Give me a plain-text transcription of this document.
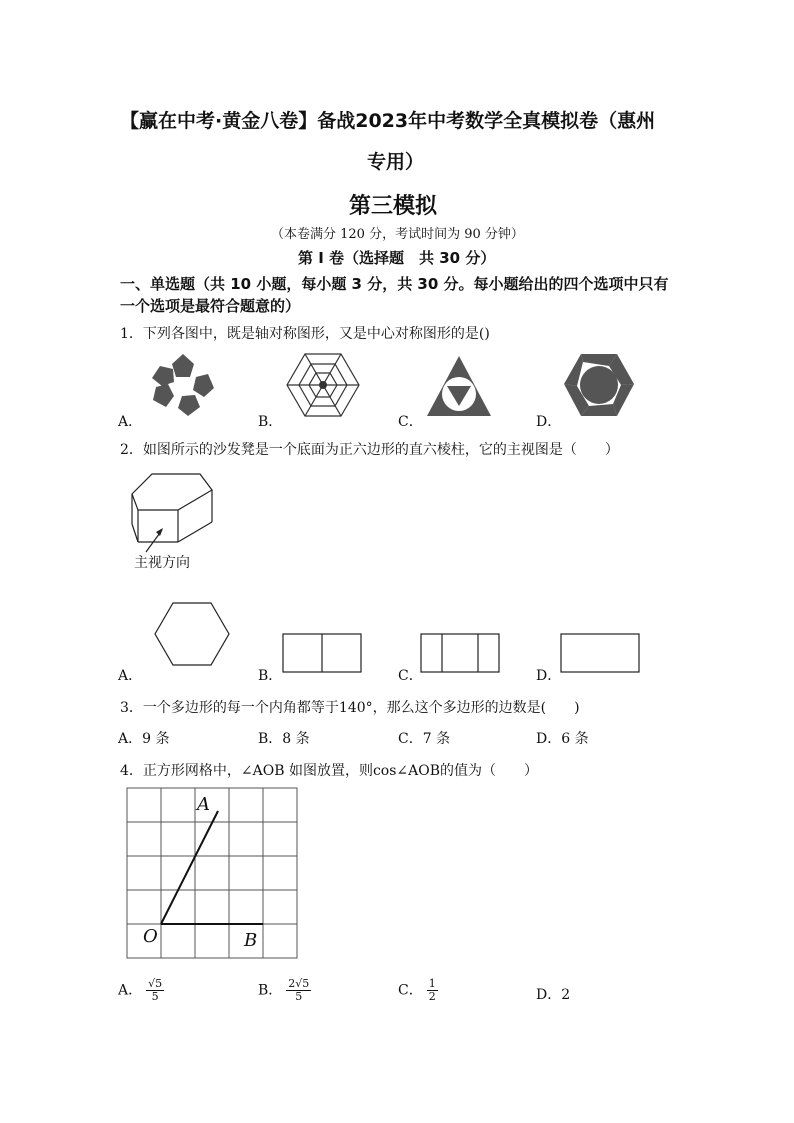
【赢在中考·黄金八卷】备战2023年中考数学全真模拟卷（惠州
专用）
第三模拟
（本卷满分 120 分，考试时间为 90 分钟）
第 I 卷（选择题　共 30 分）
一、单选题（共 10 小题，每小题 3 分，共 30 分。每小题给出的四个选项中只有
一个选项是最符合题意的）
1．下列各图中，既是轴对称图形，又是中心对称图形的是()
A．	B．	C．	D．
2．如图所示的沙发凳是一个底面为正六边形的直六棱柱，它的主视图是（　　）
主视方向
A．	B．	C．	D．
3．一个多边形的每一个内角都等于140°，那么这个多边形的边数是(　　)
A．9 条	B．8 条	C．7 条	D．6 条
4．正方形网格中，∠AOB 如图放置，则cos∠AOB的值为（　　）
A
O	B
A． $\frac{√5}{5}$	B． $\frac{2√5}{5}$	C． $\frac{1}{2}$	D．2
